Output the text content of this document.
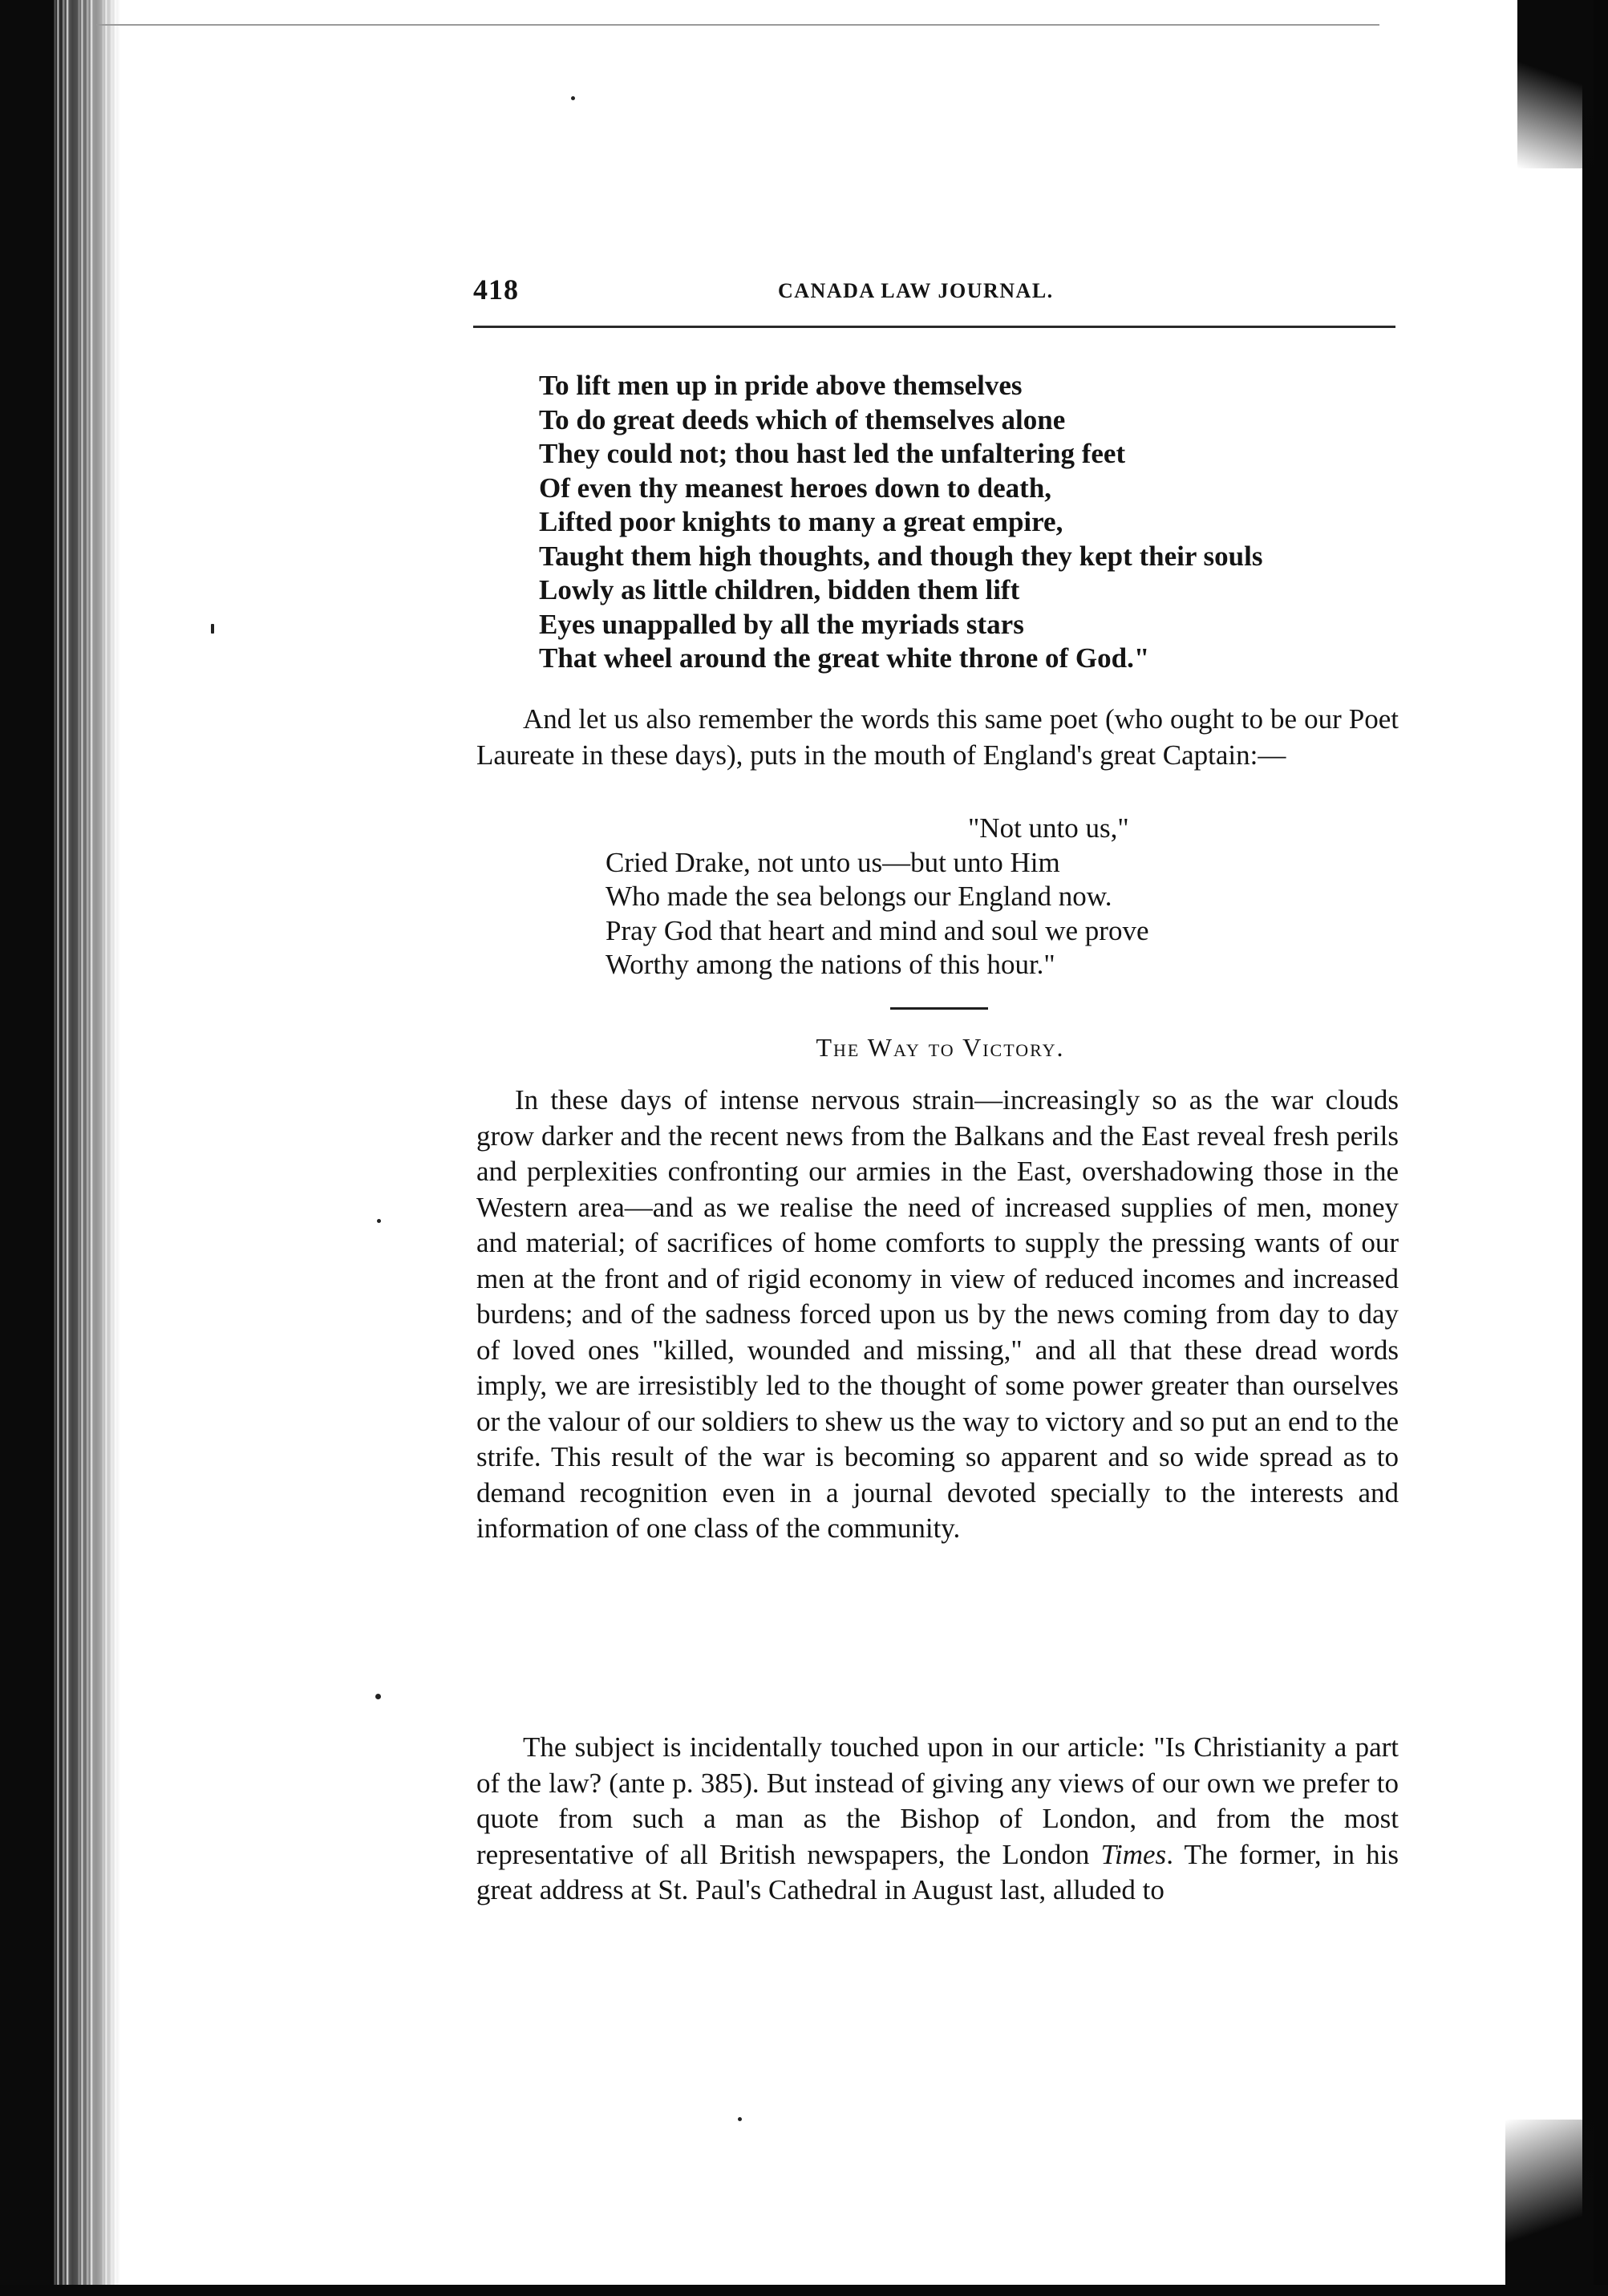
418	CANADA LAW JOURNAL.
To lift men up in pride above themselves
To do great deeds which of themselves alone
They could not; thou hast led the unfaltering feet
Of even thy meanest heroes down to death,
Lifted poor knights to many a great empire,
Taught them high thoughts, and though they kept their souls
Lowly as little children, bidden them lift
Eyes unappalled by all the myriads stars
That wheel around the great white throne of God."
And let us also remember the words this same poet (who ought to be our Poet Laureate in these days), puts in the mouth of England's great Captain:—
"Not unto us,"
Cried Drake, not unto us—but unto Him
Who made the sea belongs our England now.
Pray God that heart and mind and soul we prove
Worthy among the nations of this hour."
The Way to Victory.
In these days of intense nervous strain—increasingly so as the war clouds grow darker and the recent news from the Balkans and the East reveal fresh perils and perplexities confronting our armies in the East, overshadowing those in the Western area—and as we realise the need of increased supplies of men, money and material; of sacrifices of home comforts to supply the pressing wants of our men at the front and of rigid economy in view of reduced incomes and increased burdens; and of the sadness forced upon us by the news coming from day to day of loved ones "killed, wounded and missing," and all that these dread words imply, we are irresistibly led to the thought of some power greater than ourselves or the valour of our soldiers to shew us the way to victory and so put an end to the strife. This result of the war is becoming so apparent and so wide spread as to demand recognition even in a journal devoted specially to the interests and information of one class of the community.
The subject is incidentally touched upon in our article: "Is Christianity a part of the law? (ante p. 385). But instead of giving any views of our own we prefer to quote from such a man as the Bishop of London, and from the most representative of all British newspapers, the London Times. The former, in his great address at St. Paul's Cathedral in August last, alluded to
